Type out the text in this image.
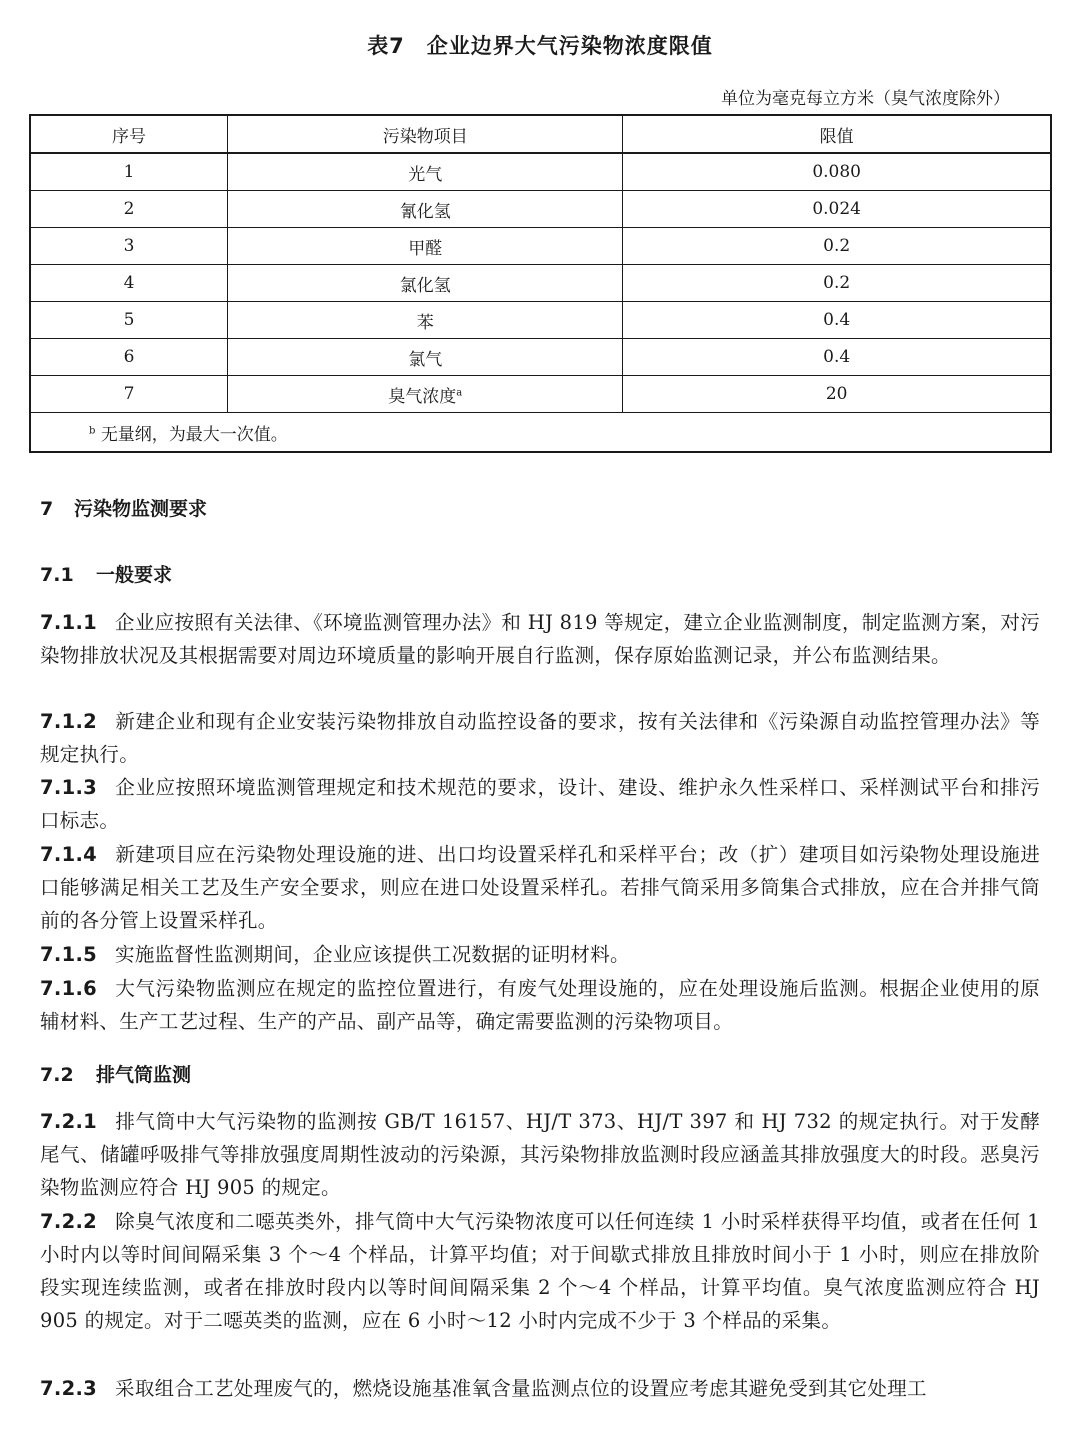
表7　企业边界大气污染物浓度限值
单位为毫克每立方米（臭气浓度除外）
序号	污染物项目	限值
1	光气	0.080
2	氰化氢	0.024
3	甲醛	0.2
4	氯化氢	0.2
5	苯	0.4
6	氯气	0.4
7	臭气浓度$^a$	20
$^b$ 无量纲，为最大一次值。		
7 污染物监测要求
7.1 一般要求
7.1.1 企业应按照有关法律、《环境监测管理办法》和 HJ 819 等规定，建立企业监测制度，制定监测方案，对污染物排放状况及其根据需要对周边环境质量的影响开展自行监测，保存原始监测记录，并公布监测结果。
7.1.2 新建企业和现有企业安装污染物排放自动监控设备的要求，按有关法律和《污染源自动监控管理办法》等规定执行。
7.1.3 企业应按照环境监测管理规定和技术规范的要求，设计、建设、维护永久性采样口、采样测试平台和排污口标志。
7.1.4 新建项目应在污染物处理设施的进、出口均设置采样孔和采样平台；改（扩）建项目如污染物处理设施进口能够满足相关工艺及生产安全要求，则应在进口处设置采样孔。若排气筒采用多筒集合式排放，应在合并排气筒前的各分管上设置采样孔。
7.1.5 实施监督性监测期间，企业应该提供工况数据的证明材料。
7.1.6 大气污染物监测应在规定的监控位置进行，有废气处理设施的，应在处理设施后监测。根据企业使用的原辅材料、生产工艺过程、生产的产品、副产品等，确定需要监测的污染物项目。
7.2 排气筒监测
7.2.1 排气筒中大气污染物的监测按 GB/T 16157、HJ/T 373、HJ/T 397 和 HJ 732 的规定执行。对于发酵尾气、储罐呼吸排气等排放强度周期性波动的污染源，其污染物排放监测时段应涵盖其排放强度大的时段。恶臭污染物监测应符合 HJ 905 的规定。
7.2.2 除臭气浓度和二噁英类外，排气筒中大气污染物浓度可以任何连续 1 小时采样获得平均值，或者在任何 1 小时内以等时间间隔采集 3 个～4 个样品，计算平均值；对于间歇式排放且排放时间小于 1 小时，则应在排放阶段实现连续监测，或者在排放时段内以等时间间隔采集 2 个～4 个样品，计算平均值。臭气浓度监测应符合 HJ 905 的规定。对于二噁英类的监测，应在 6 小时～12 小时内完成不少于 3 个样品的采集。
7.2.3 采取组合工艺处理废气的，燃烧设施基准氧含量监测点位的设置应考虑其避免受到其它处理工
